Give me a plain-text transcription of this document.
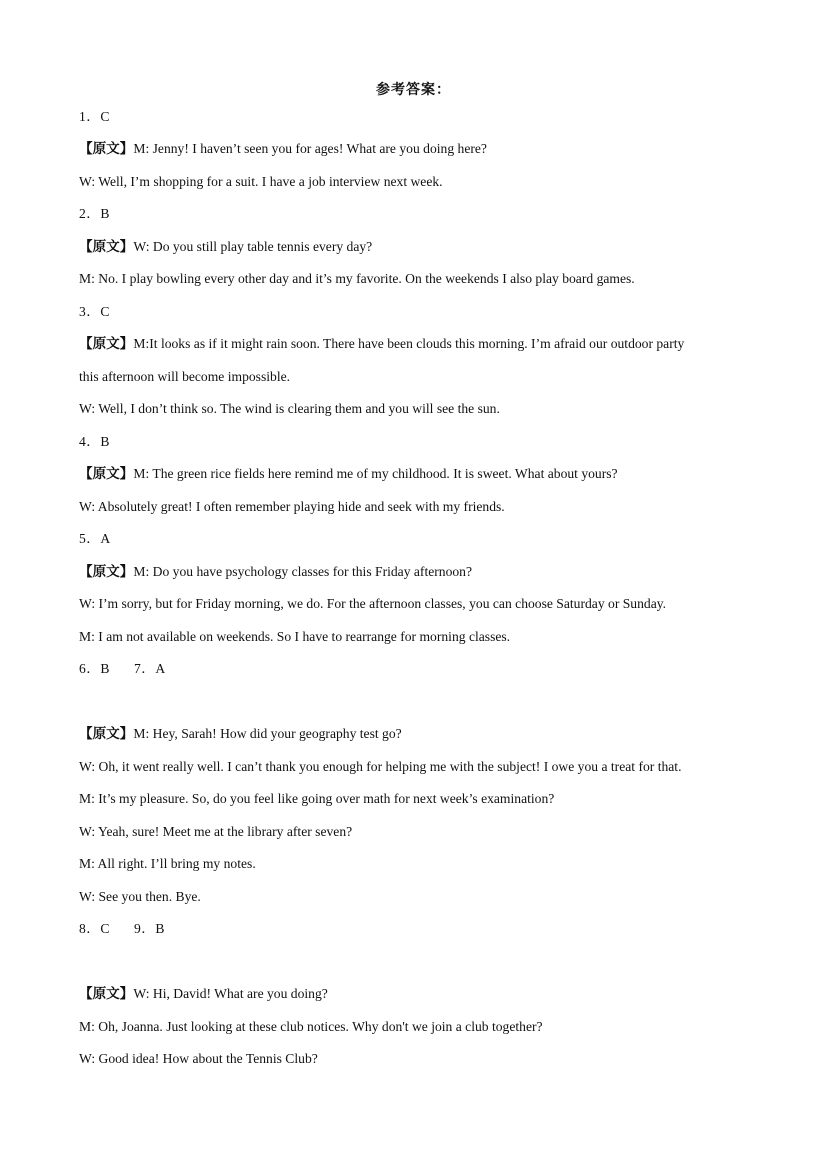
参考答案：
1．C
【原文】M: Jenny! I haven’t seen you for ages! What are you doing here?
W: Well, I’m shopping for a suit. I have a job interview next week.
2．B
【原文】W: Do you still play table tennis every day?
M: No. I play bowling every other day and it’s my favorite. On the weekends I also play board games.
3．C
【原文】M:It looks as if it might rain soon. There have been clouds this morning. I’m afraid our outdoor party
this afternoon will become impossible.
W: Well, I don’t think so. The wind is clearing them and you will see the sun.
4．B
【原文】M: The green rice fields here remind me of my childhood. It is sweet. What about yours?
W: Absolutely great! I often remember playing hide and seek with my friends.
5．A
【原文】M: Do you have psychology classes for this Friday afternoon?
W: I’m sorry, but for Friday morning, we do. For the afternoon classes, you can choose Saturday or Sunday.
M: I am not available on weekends. So I have to rearrange for morning classes.
6．B 7．A
【原文】M: Hey, Sarah! How did your geography test go?
W: Oh, it went really well. I can’t thank you enough for helping me with the subject! I owe you a treat for that.
M: It’s my pleasure. So, do you feel like going over math for next week’s examination?
W: Yeah, sure! Meet me at the library after seven?
M: All right. I’ll bring my notes.
W: See you then. Bye.
8．C 9．B
【原文】W: Hi, David! What are you doing?
M: Oh, Joanna. Just looking at these club notices. Why don't we join a club together?
W: Good idea! How about the Tennis Club?
